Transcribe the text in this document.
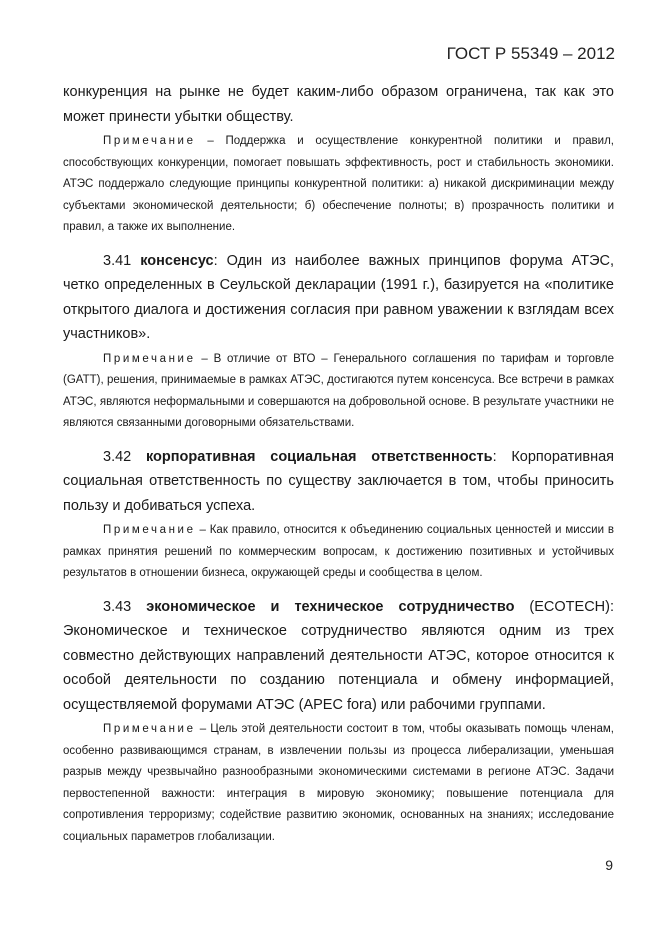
ГОСТ Р 55349 – 2012

конкуренция на рынке не будет каким-либо образом ограничена, так как это может принести убытки обществу.

Примечание – Поддержка и осуществление конкурентной политики и правил, способствующих конкуренции, помогает повышать эффективность, рост и стабильность экономики. АТЭС поддержало следующие принципы конкурентной политики: а) никакой дискриминации между субъектами экономической деятельности; б) обеспечение полноты; в) прозрачность политики и правил, а также их выполнение.

3.41 консенсус: Один из наиболее важных принципов форума АТЭС, четко определенных в Сеульской декларации (1991 г.), базируется на «политике открытого диалога и достижения согласия при равном уважении к взглядам всех участников».

Примечание – В отличие от ВТО – Генерального соглашения по тарифам и торговле (GATT), решения, принимаемые в рамках АТЭС, достигаются путем консенсуса. Все встречи в рамках АТЭС, являются неформальными и совершаются на добровольной основе. В результате участники не являются связанными договорными обязательствами.

3.42 корпоративная социальная ответственность: Корпоративная социальная ответственность по существу заключается в том, чтобы приносить пользу и добиваться успеха.

Примечание – Как правило, относится к объединению социальных ценностей и миссии в рамках принятия решений по коммерческим вопросам, к достижению позитивных и устойчивых результатов в отношении бизнеса, окружающей среды и сообщества в целом.

3.43 экономическое и техническое сотрудничество (ECOTECH): Экономическое и техническое сотрудничество являются одним из трех совместно действующих направлений деятельности АТЭС, которое относится к особой деятельности по созданию потенциала и обмену информацией, осуществляемой форумами АТЭС (APEC fora) или рабочими группами.

Примечание – Цель этой деятельности состоит в том, чтобы оказывать помощь членам, особенно развивающимся странам, в извлечении пользы из процесса либерализации, уменьшая разрыв между чрезвычайно разнообразными экономическими системами в регионе АТЭС. Задачи первостепенной важности: интеграция в мировую экономику; повышение потенциала для сопротивления терроризму; содействие развитию экономик, основанных на знаниях; исследование социальных параметров глобализации.

9
